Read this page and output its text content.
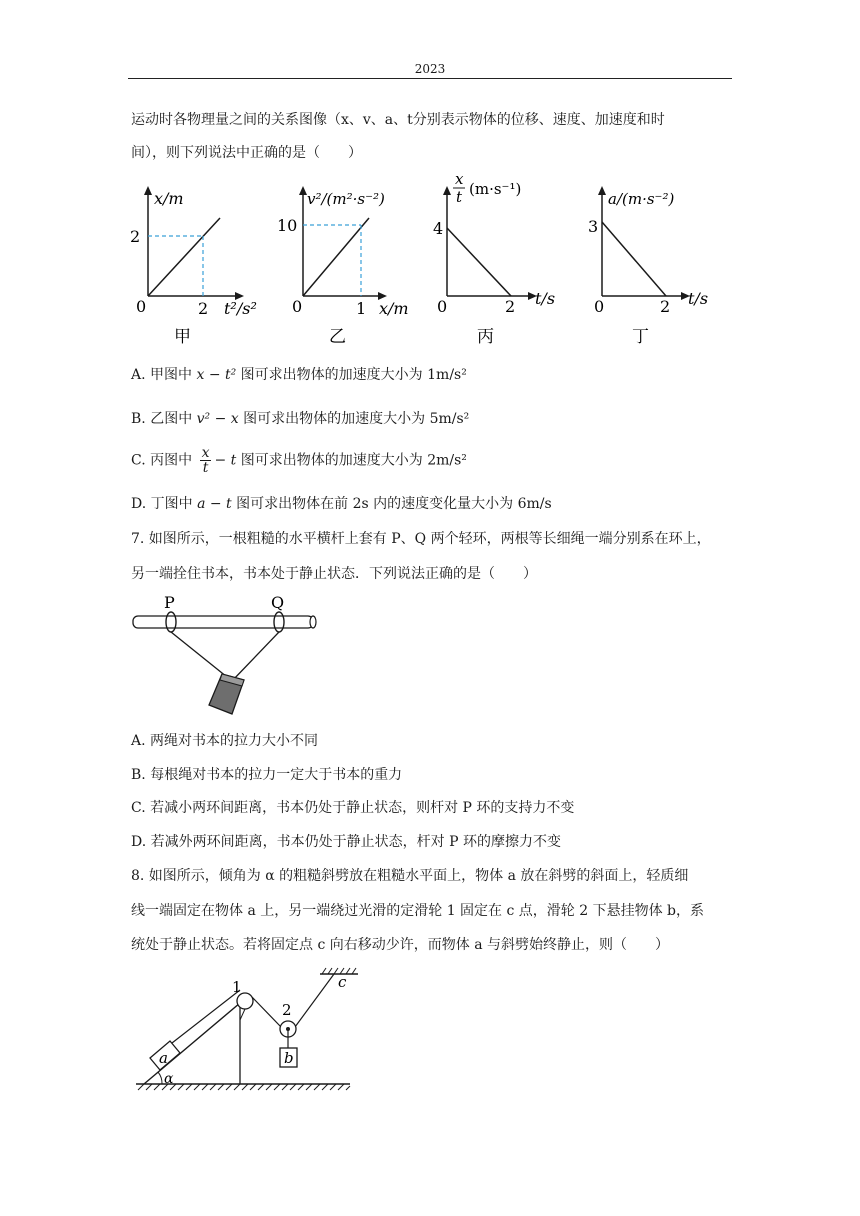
2023
运动时各物理量之间的关系图像（x、v、a、t分别表示物体的位移、速度、加速度和时
间），则下列说法中正确的是（　　）
x/m
2
0	2 t²/s²
甲
v²/(m²·s⁻²)
10
0	1 x/m
乙
x
t (m·s⁻¹)
4
0	2 t/s
丙
a/(m·s⁻²)
3
0	2 t/s
丁
A. 甲图中 x − t² 图可求出物体的加速度大小为 1m/s²
B. 乙图中 v² − x 图可求出物体的加速度大小为 5m/s²
C. 丙图中 $\frac{x}{t} - t$ 图可求出物体的加速度大小为 2m/s²
D. 丁图中 a − t 图可求出物体在前 2s 内的速度变化量大小为 6m/s
7. 如图所示，一根粗糙的水平横杆上套有 P、Q 两个轻环，两根等长细绳一端分别系在环上，
另一端拴住书本，书本处于静止状态．下列说法正确的是（　　）
P	Q
A. 两绳对书本的拉力大小不同
B. 每根绳对书本的拉力一定大于书本的重力
C. 若减小两环间距离，书本仍处于静止状态，则杆对 P 环的支持力不变
D. 若减外两环间距离，书本仍处于静止状态，杆对 P 环的摩擦力不变
8. 如图所示，倾角为 α 的粗糙斜劈放在粗糙水平面上，物体 a 放在斜劈的斜面上，轻质细
线一端固定在物体 a 上，另一端绕过光滑的定滑轮 1 固定在 c 点，滑轮 2 下悬挂物体 b，系
统处于静止状态。若将固定点 c 向右移动少许，而物体 a 与斜劈始终静止，则（　　）
a
α
1
2
b
c
